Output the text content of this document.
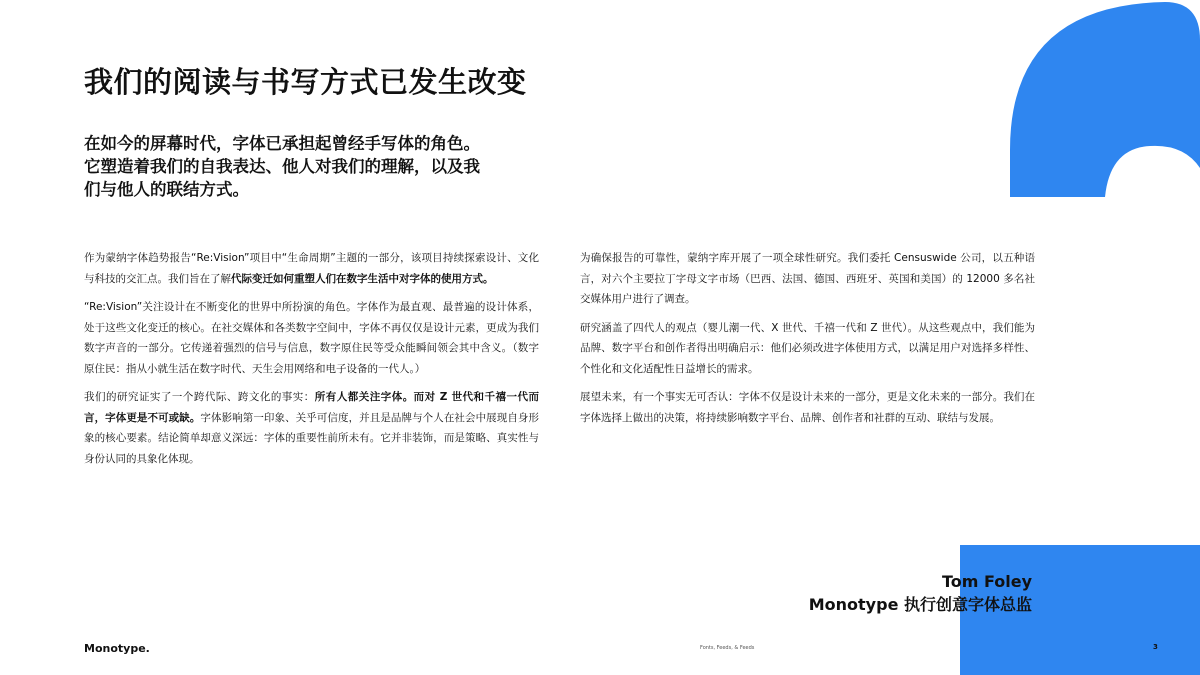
我们的阅读与书写方式已发生改变
在如今的屏幕时代，字体已承担起曾经手写体的角色。
它塑造着我们的自我表达、他人对我们的理解，以及我
们与他人的联结方式。

作为蒙纳字体趋势报告“Re:Vision”项目中“生命周期”主题的一部分，该项目持续探索设计、文化与科技的交汇点。我们旨在了解代际变迁如何重塑人们在数字生活中对字体的使用方式。

“Re:Vision”关注设计在不断变化的世界中所扮演的角色。字体作为最直观、最普遍的设计体系，处于这些文化变迁的核心。在社交媒体和各类数字空间中，字体不再仅仅是设计元素，更成为我们数字声音的一部分。它传递着强烈的信号与信息，数字原住民等受众能瞬间领会其中含义。（数字原住民：指从小就生活在数字时代、天生会用网络和电子设备的一代人。）

我们的研究证实了一个跨代际、跨文化的事实：所有人都关注字体。而对 Z 世代和千禧一代而言，字体更是不可或缺。字体影响第一印象、关乎可信度，并且是品牌与个人在社会中展现自身形象的核心要素。结论简单却意义深远：字体的重要性前所未有。它并非装饰，而是策略、真实性与身份认同的具象化体现。

为确保报告的可靠性，蒙纳字库开展了一项全球性研究。我们委托 Censuswide 公司，以五种语言，对六个主要拉丁字母文字市场（巴西、法国、德国、西班牙、英国和美国）的 12000 多名社交媒体用户进行了调查。

研究涵盖了四代人的观点（婴儿潮一代、X 世代、千禧一代和 Z 世代）。从这些观点中，我们能为品牌、数字平台和创作者得出明确启示：他们必须改进字体使用方式，以满足用户对选择多样性、个性化和文化适配性日益增长的需求。

展望未来，有一个事实无可否认：字体不仅是设计未来的一部分，更是文化未来的一部分。我们在字体选择上做出的决策，将持续影响数字平台、品牌、创作者和社群的互动、联结与发展。

Tom Foley
Monotype 执行创意字体总监
Monotype.	Fonts, Feeds, & Feeds	3
